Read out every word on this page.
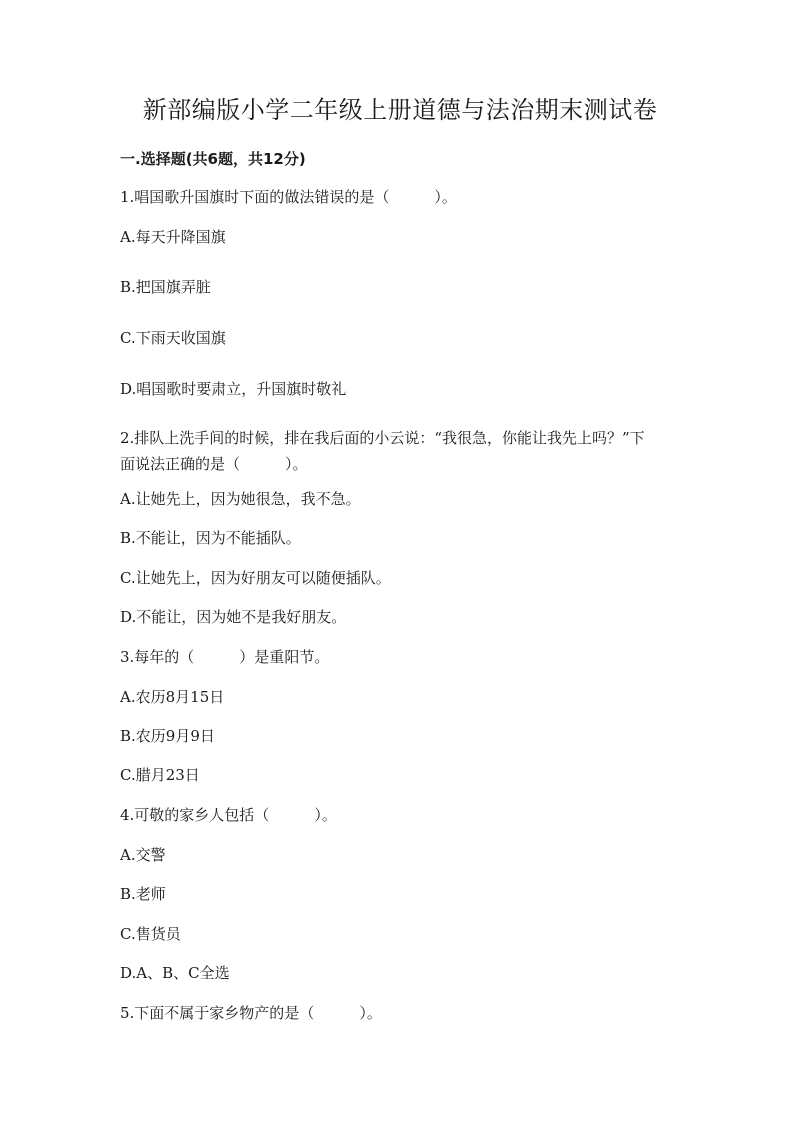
新部编版小学二年级上册道德与法治期末测试卷
一.选择题(共6题，共12分)
1.唱国歌升国旗时下面的做法错误的是（　　　）。
A.每天升降国旗
B.把国旗弄脏
C.下雨天收国旗
D.唱国歌时要肃立，升国旗时敬礼
2.排队上洗手间的时候，排在我后面的小云说：“我很急，你能让我先上吗？”下面说法正确的是（　　　）。
A.让她先上，因为她很急，我不急。
B.不能让，因为不能插队。
C.让她先上，因为好朋友可以随便插队。
D.不能让，因为她不是我好朋友。
3.每年的（　　　）是重阳节。
A.农历8月15日
B.农历9月9日
C.腊月23日
4.可敬的家乡人包括（　　　）。
A.交警
B.老师
C.售货员
D.A、B、C全选
5.下面不属于家乡物产的是（　　　）。
